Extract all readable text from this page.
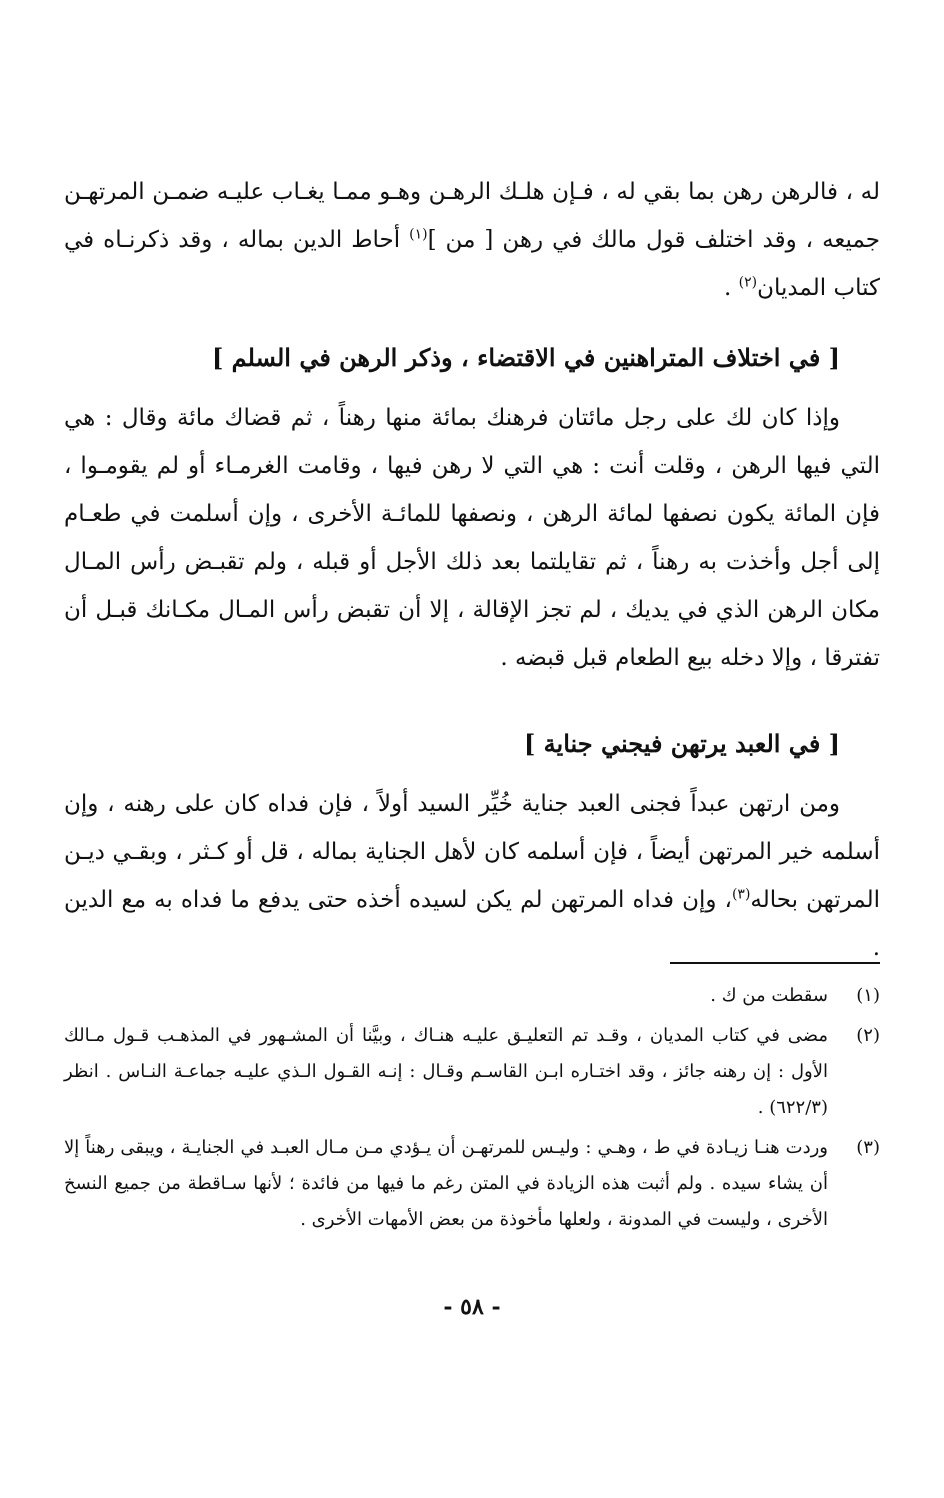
له ، فالرهن رهن بما بقي له ، فـإن هلـك الرهـن وهـو ممـا يغـاب عليـه ضمـن المرتهـن جميعه ، وقد اختلف قول مالك في رهن [ من ]$^{(١)}$ أحاط الدين بماله ، وقد ذكرنـاه في كتاب المديان$^{(٢)}$ .

[ في اختلاف المتراهنين في الاقتضاء ، وذكر الرهن في السلم ]

وإذا كان لك على رجل مائتان فرهنك بمائة منها رهناً ، ثم قضاك مائة وقال : هي التي فيها الرهن ، وقلت أنت : هي التي لا رهن فيها ، وقامت الغرمـاء أو لم يقومـوا ، فإن المائة يكون نصفها لمائة الرهن ، ونصفها للمائـة الأخرى ، وإن أسلمت في طعـام إلى أجل وأخذت به رهناً ، ثم تقايلتما بعد ذلك الأجل أو قبله ، ولم تقبـض رأس المـال مكان الرهن الذي في يديك ، لم تجز الإقالة ، إلا أن تقبض رأس المـال مكـانك قبـل أن تفترقا ، وإلا دخله بيع الطعام قبل قبضه .

[ في العبد يرتهن فيجني جناية ]

ومن ارتهن عبداً فجنى العبد جناية خُيِّر السيد أولاً ، فإن فداه كان على رهنه ، وإن أسلمه خير المرتهن أيضاً ، فإن أسلمه كان لأهل الجناية بماله ، قل أو كـثر ، وبقـي ديـن المرتهن بحاله$^{(٣)}$، وإن فداه المرتهن لم يكن لسيده أخذه حتى يدفع ما فداه به مع الدين .

(١)
سقطت من ك .
(٢)
مضى في كتاب المديان ، وقـد تم التعليـق عليـه هنـاك ، وبيَّنا أن المشـهور في المذهـب قـول مـالك الأول : إن رهنه جائز ، وقد اختـاره ابـن القاسـم وقـال : إنـه القـول الـذي عليـه جماعـة النـاس . انظر (٦٢٢/٣) .
(٣)
وردت هنـا زيـادة في ط ، وهـي : وليـس للمرتهـن أن يـؤدي مـن مـال العبـد في الجنايـة ، ويبقى رهناً إلا أن يشاء سيده . ولم أثبت هذه الزيادة في المتن رغم ما فيها من فائدة ؛ لأنها سـاقطة من جميع النسخ الأخرى ، وليست في المدونة ، ولعلها مأخوذة من بعض الأمهات الأخرى .
- ٥٨ -
